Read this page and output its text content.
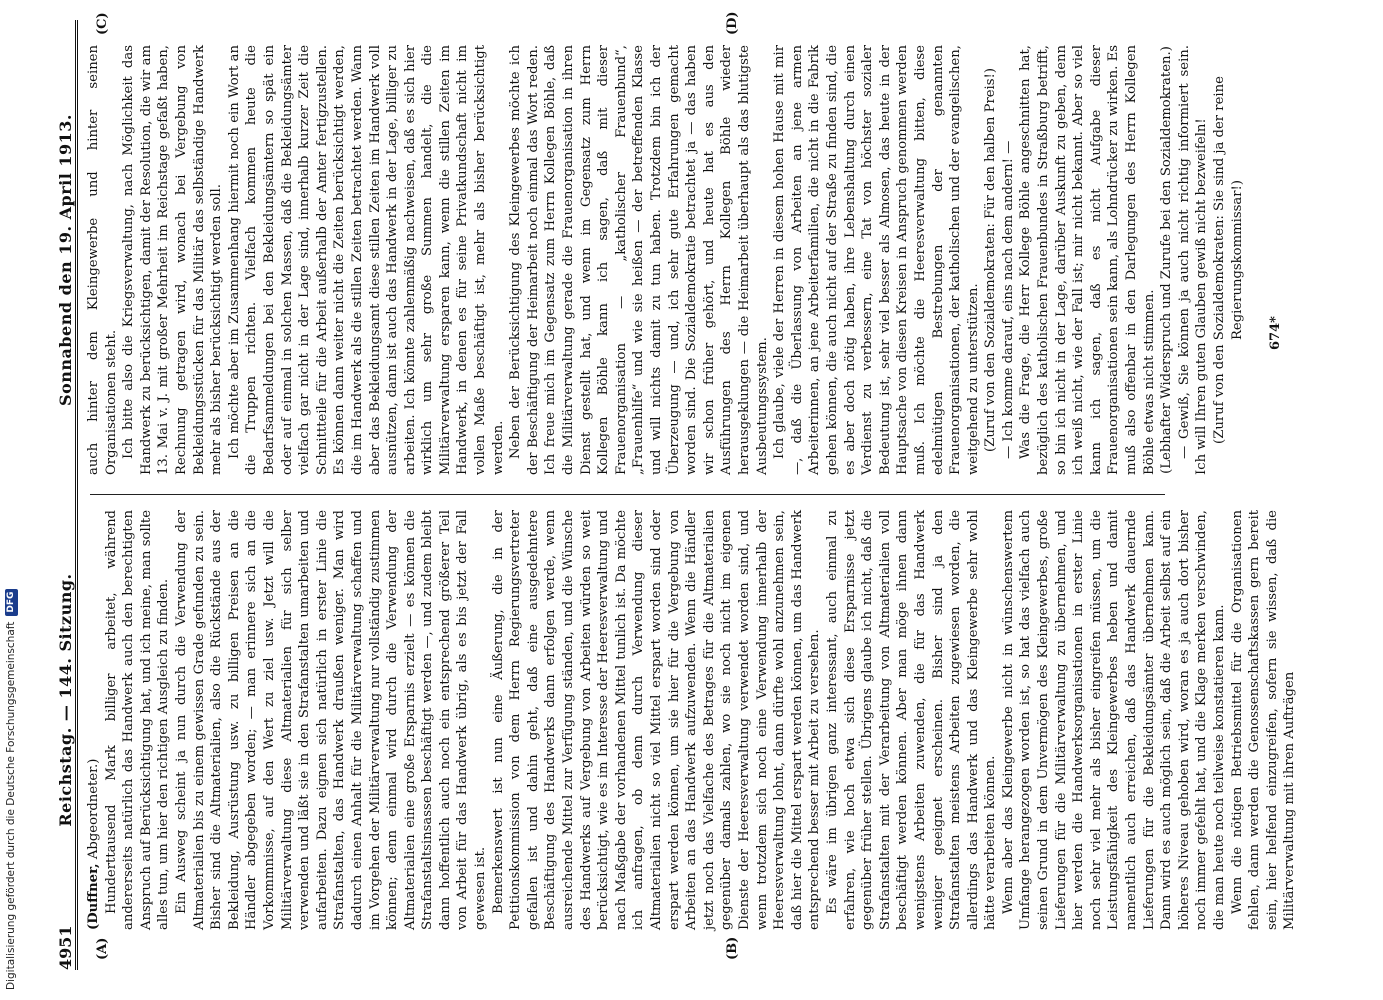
4951
Reichstag. — 144. Sitzung.
Sonnabend den 19. April 1913.
(A)	(B)
(C)	(D)

(Duffner, Abgeordneter.) Hunderttausend Mark billiger arbeitet, während andererseits natürlich das Handwerk auch den berechtigten Anspruch auf Berücksichtigung hat, und ich meine, man sollte alles tun, um hier den richtigen Ausgleich zu finden. Ein Ausweg scheint ja nun durch die Verwendung der Altmaterialien bis zu einem gewissen Grade gefunden zu sein. Bisher sind die Altmaterialien, also die Rückstände aus der Bekleidung, Ausrüstung usw. zu billigen Preisen an die Händler abgegeben worden; — man erinnere sich an die Vorkommnisse, auf den Wert zu ziel usw. Jetzt will die Militärverwaltung diese Altmaterialien für sich selber verwenden und läßt sie in den Strafanstalten umarbeiten und aufarbeiten. Dazu eignen sich natürlich in erster Linie die Strafanstalten, das Handwerk draußen weniger. Man wird dadurch einen Anhalt für die Militärverwaltung schaffen und im Vorgehen der Militärverwaltung nur vollständig zustimmen können; denn einmal wird durch die Verwendung der Altmaterialien eine große Ersparnis erzielt — es können die Strafanstaltsinsassen beschäftigt werden —, und zudem bleibt dann hoffentlich auch noch ein entsprechend größerer Teil von Arbeit für das Handwerk übrig, als es bis jetzt der Fall gewesen ist. Bemerkenswert ist nun eine Äußerung, die in der Petitionskommission von dem Herrn Regierungsvertreter gefallen ist und dahin geht, daß eine ausgedehntere Beschäftigung des Handwerks dann erfolgen werde, wenn ausreichende Mittel zur Verfügung ständen, und die Wünsche des Handwerks auf Vergebung von Arbeiten würden so weit berücksichtigt, wie es im Interesse der Heeresverwaltung und nach Maßgabe der vorhandenen Mittel tunlich ist. Da möchte ich anfragen, ob denn durch Verwendung dieser Altmaterialien nicht so viel Mittel erspart worden sind oder erspart werden können, um sie hier für die Vergebung von Arbeiten an das Handwerk aufzuwenden. Wenn die Händler jetzt noch das Vielfache des Betrages für die Altmaterialien gegenüber damals zahlen, wo sie noch nicht im eigenen Dienste der Heeresverwaltung verwendet worden sind, und wenn trotzdem sich noch eine Verwendung innerhalb der Heeresverwaltung lohnt, dann dürfte wohl anzunehmen sein, daß hier die Mittel erspart werden können, um das Handwerk entsprechend besser mit Arbeit zu versehen. Es wäre im übrigen ganz interessant, auch einmal zu erfahren, wie hoch etwa sich diese Ersparnisse jetzt gegenüber früher stellen. Übrigens glaube ich nicht, daß die Strafanstalten mit der Verarbeitung von Altmaterialien voll beschäftigt werden können. Aber man möge ihnen dann wenigstens Arbeiten zuwenden, die für das Handwerk weniger geeignet erscheinen. Bisher sind ja den Strafanstalten meistens Arbeiten zugewiesen worden, die allerdings das Handwerk und das Kleingewerbe sehr wohl hätte verarbeiten können. Wenn aber das Kleingewerbe nicht in wünschenswertem Umfange herangezogen worden ist, so hat das vielfach auch seinen Grund in dem Unvermögen des Kleingewerbes, große Lieferungen für die Militärverwaltung zu übernehmen, und hier werden die Handwerksorganisationen in erster Linie noch sehr viel mehr als bisher eingreifen müssen, um die Leistungsfähigkeit des Kleingewerbes heben und damit namentlich auch erreichen, daß das Handwerk dauernde Lieferungen für die Bekleidungsämter übernehmen kann. Dann wird es auch möglich sein, daß die Arbeit selbst auf ein höheres Niveau gehoben wird, woran es ja auch dort bisher noch immer gefehlt hat, und die Klage merken verschwinden, die man heute noch teilweise konstatieren kann. Wenn die nötigen Betriebsmittel für die Organisationen fehlen, dann werden die Genossenschaftskassen gern bereit sein, hier helfend einzugreifen, sofern sie wissen, daß die Militärverwaltung mit ihren Aufträgen

auch hinter dem Kleingewerbe und hinter seinen Organisationen steht. Ich bitte also die Kriegsverwaltung, nach Möglichkeit das Handwerk zu berücksichtigen, damit der Resolution, die wir am 13. Mai v. J. mit großer Mehrheit im Reichstage gefaßt haben, Rechnung getragen wird, wonach bei Vergebung von Bekleidungsstücken für das Militär das selbständige Handwerk mehr als bisher berücksichtigt werden soll. Ich möchte aber im Zusammenhang hiermit noch ein Wort an die Truppen richten. Vielfach kommen heute die Bedarfsanmeldungen bei den Bekleidungsämtern so spät ein oder auf einmal in solchen Massen, daß die Bekleidungsämter vielfach gar nicht in der Lage sind, innerhalb kurzer Zeit die Schnittteile für die Arbeit außerhalb der Amter fertigzustellen. Es können dann weiter nicht die Zeiten berücksichtigt werden, die im Handwerk als die stillen Zeiten betrachtet werden. Wann aber das Bekleidungsamt diese stillen Zeiten im Handwerk voll ausnützen, dann ist auch das Handwerk in der Lage, billiger zu arbeiten. Ich könnte zahlenmäßig nachweisen, daß es sich hier wirklich um sehr große Summen handelt, die die Militärverwaltung ersparen kann, wenn die stillen Zeiten im Handwerk, in denen es für seine Privatkundschaft nicht im vollen Maße beschäftigt ist, mehr als bisher berücksichtigt werden. Neben der Berücksichtigung des Kleingewerbes möchte ich der Beschäftigung der Heimarbeit noch einmal das Wort reden. Ich freue mich im Gegensatz zum Herrn Kollegen Böhle, daß die Militärverwaltung gerade die Frauenorganisation in ihren Dienst gestellt hat, und wenn im Gegensatz zum Herrn Kollegen Böhle kann ich sagen, daß mit dieser Frauenorganisation — „katholischer Frauenbund“, „Frauenhilfe“ und wie sie heißen — der betreffenden Klasse und will nichts damit zu tun haben. Trotzdem bin ich der Überzeugung — und, ich sehr gute Erfahrungen gemacht worden sind. Die Sozialdemokratie betrachtet ja — das haben wir schon früher gehört, und heute hat es aus den Ausführungen des Herrn Kollegen Böhle wieder herausgeklungen — die Heimarbeit überhaupt als das blutigste Ausbeutungssystem. Ich glaube, viele der Herren in diesem hohen Hause mit mir —, daß die Überlassung von Arbeiten an jene armen Arbeiterinnen, an jene Arbeiterfamilien, die nicht in die Fabrik gehen können, die auch nicht auf der Straße zu finden sind, die es aber doch nötig haben, ihre Lebenshaltung durch einen Verdienst zu verbessern, eine Tat von höchster sozialer Bedeutung ist, sehr viel besser als Almosen, das heute in der Hauptsache von diesen Kreisen in Anspruch genommen werden muß. Ich möchte die Heeresverwaltung bitten, diese edelmütigen Bestrebungen der genannten Frauenorganisationen, der katholischen und der evangelischen, weitgehend zu unterstützen. (Zuruf von den Sozialdemokraten: Für den halben Preis!) — Ich komme darauf, eins nach dem andern! — Was die Frage, die Herr Kollege Böhle angeschnitten hat, bezüglich des katholischen Frauenbundes in Straßburg betrifft, so bin ich nicht in der Lage, darüber Auskunft zu geben, denn ich weiß nicht, wie der Fall ist; mir nicht bekannt. Aber so viel kann ich sagen, daß es nicht Aufgabe dieser Frauenorganisationen sein kann, als Lohndrücker zu wirken. Es muß also offenbar in den Darlegungen des Herrn Kollegen Böhle etwas nicht stimmen. (Lebhafter Widerspruch und Zurufe bei den Sozialdemokraten.) — Gewiß, Sie können ja auch nicht richtig informiert sein. Ich will Ihren guten Glauben gewiß nicht bezweifeln! (Zuruf von den Sozialdemokraten: Sie sind ja der reine Regierungskommissar!) 674*
Digitalisierung gefördert durch die Deutsche Forschungsgemeinschaft
DFG
